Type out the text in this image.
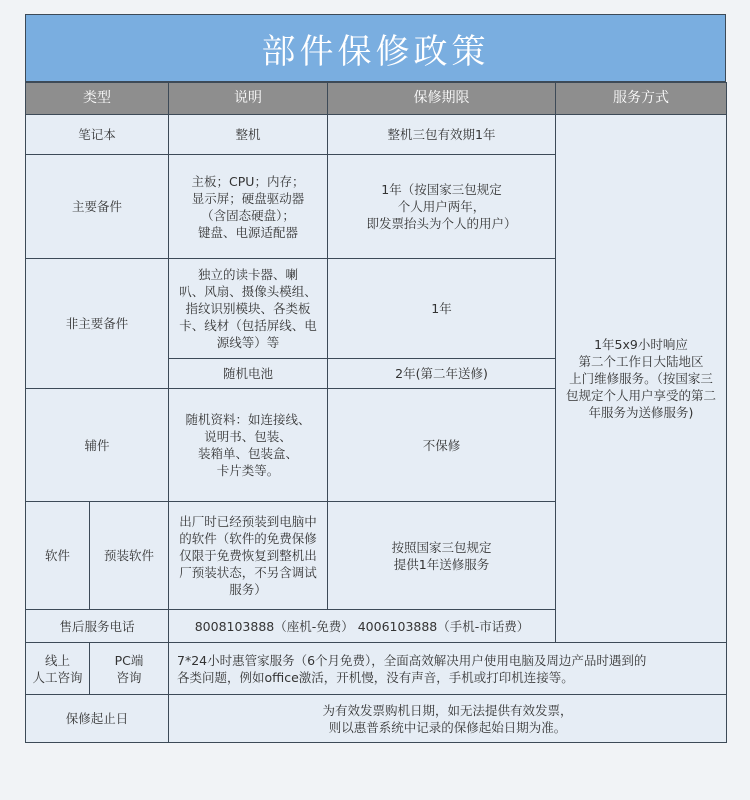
部件保修政策
类型		说明	保修期限	服务方式
笔记本		整机	整机三包有效期1年	1年5x9小时响应
第二个工作日大陆地区
上门维修服务。（按国家三
包规定个人用户享受的第二
年服务为送修服务)
主要备件		主板；CPU；内存；
显示屏；硬盘驱动器
（含固态硬盘）；
键盘、电源适配器	1年（按国家三包规定
个人用户两年，
即发票抬头为个人的用户）	
非主要备件		独立的读卡器、喇
叭、风扇、摄像头模组、
指纹识别模块、各类板
卡、线材（包括屏线、电
源线等）等	1年	
		随机电池	2年(第二年送修)	
辅件		随机资料：如连接线、
说明书、包装、
装箱单、包装盒、
卡片类等。	不保修	
软件	预装软件	出厂时已经预装到电脑中
的软件（软件的免费保修
仅限于免费恢复到整机出
厂预装状态，不另含调试
服务）	按照国家三包规定
提供1年送修服务	
售后服务电话		8008103888（座机-免费） 4006103888（手机-市话费）		
线上
人工咨询	PC端
咨询	7*24小时惠管家服务（6个月免费），全面高效解决用户使用电脑及周边产品时遇到的
各类问题，例如office激活，开机慢，没有声音，手机或打印机连接等。		
保修起止日		为有效发票购机日期，如无法提供有效发票，
则以惠普系统中记录的保修起始日期为准。		
